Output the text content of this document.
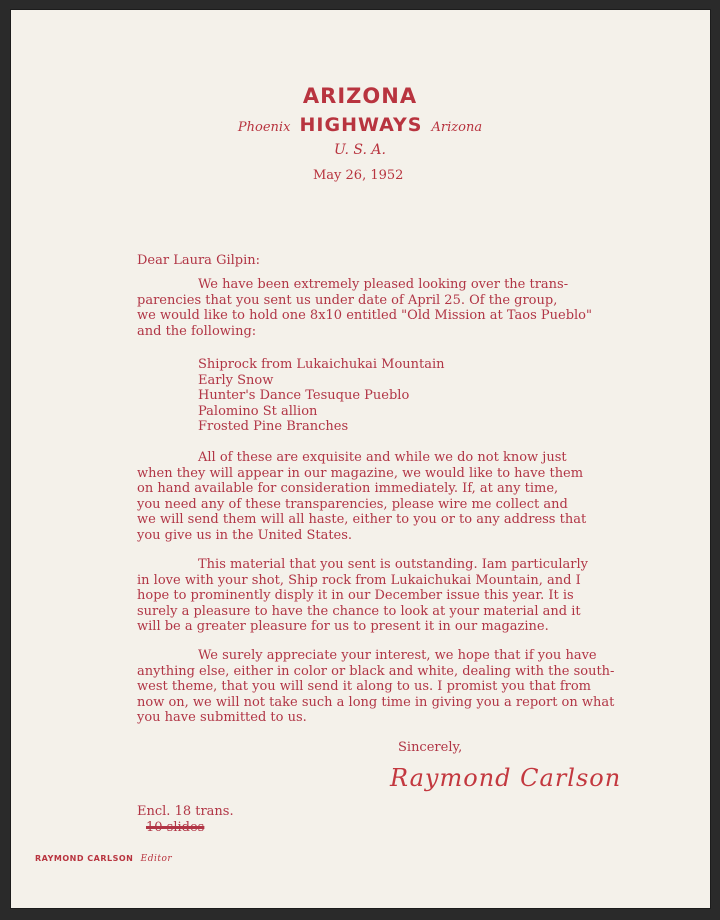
ARIZONA
Phoenix HIGHWAYS Arizona
U. S. A.
May 26, 1952
Dear Laura Gilpin:
We have been extremely pleased looking over the trans-
parencies that you sent us under date of April 25. Of the group,
we would like to hold one 8x10 entitled "Old Mission at Taos Pueblo"
and the following:
Shiprock from Lukaichukai Mountain
Early Snow
Hunter's Dance Tesuque Pueblo
Palomino St allion
Frosted Pine Branches
All of these are exquisite and while we do not know just
when they will appear in our magazine, we would like to have them
on hand available for consideration immediately. If, at any time,
you need any of these transparencies, please wire me collect and
we will send them will all haste, either to you or to any address that
you give us in the United States.
This material that you sent is outstanding. Iam particularly
in love with your shot, Ship rock from Lukaichukai Mountain, and I
hope to prominently disply it in our December issue this year. It is
surely a pleasure to have the chance to look at your material and it
will be a greater pleasure for us to present it in our magazine.
We surely appreciate your interest, we hope that if you have
anything else, either in color or black and white, dealing with the south-
west theme, that you will send it along to us. I promist you that from
now on, we will not take such a long time in giving you a report on what
you have submitted to us.
Sincerely,
Raymond Carlson
Encl. 18 trans.
10 slides
RAYMOND CARLSON Editor
